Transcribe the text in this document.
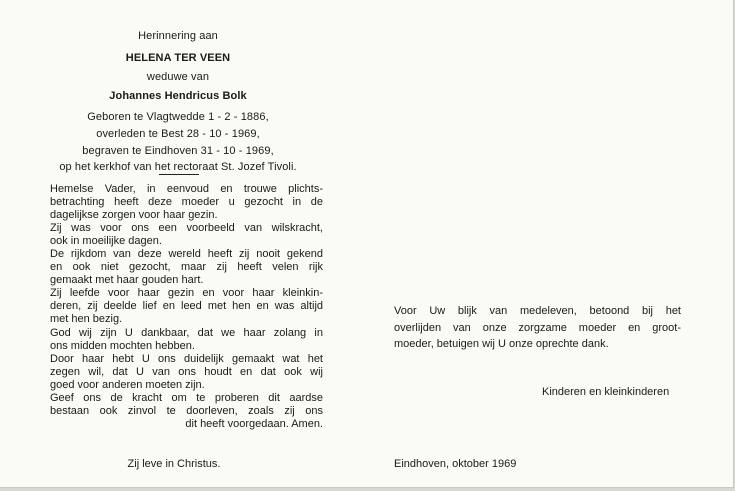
Herinnering aan
HELENA TER VEEN
weduwe van
Johannes Hendricus Bolk
Geboren te Vlagtwedde 1 - 2 - 1886,
overleden te Best 28 - 10 - 1969,
begraven te Eindhoven 31 - 10 - 1969,
op het kerkhof van het rectoraat St. Jozef Tivoli.
Hemelse Vader, in eenvoud en trouwe plichts-
betrachting heeft deze moeder u gezocht in de
dagelijkse zorgen voor haar gezin.
Zij was voor ons een voorbeeld van wilskracht,
ook in moeilijke dagen.
De rijkdom van deze wereld heeft zij nooit gekend
en ook niet gezocht, maar zij heeft velen rijk
gemaakt met haar gouden hart.
Zij leefde voor haar gezin en voor haar kleinkin-
deren, zij deelde lief en leed met hen en was altijd
met hen bezig.
God wij zijn U dankbaar, dat we haar zolang in
ons midden mochten hebben.
Door haar hebt U ons duidelijk gemaakt wat het
zegen wil, dat U van ons houdt en dat ook wij
goed voor anderen moeten zijn.
Geef ons de kracht om te proberen dit aardse
bestaan ook zinvol te doorleven, zoals zij ons
dit heeft voorgedaan. Amen.
Zij leve in Christus.
Voor Uw blijk van medeleven, betoond bij het
overlijden van onze zorgzame moeder en groot-
moeder, betuigen wij U onze oprechte dank.
Kinderen en kleinkinderen
Eindhoven, oktober 1969
